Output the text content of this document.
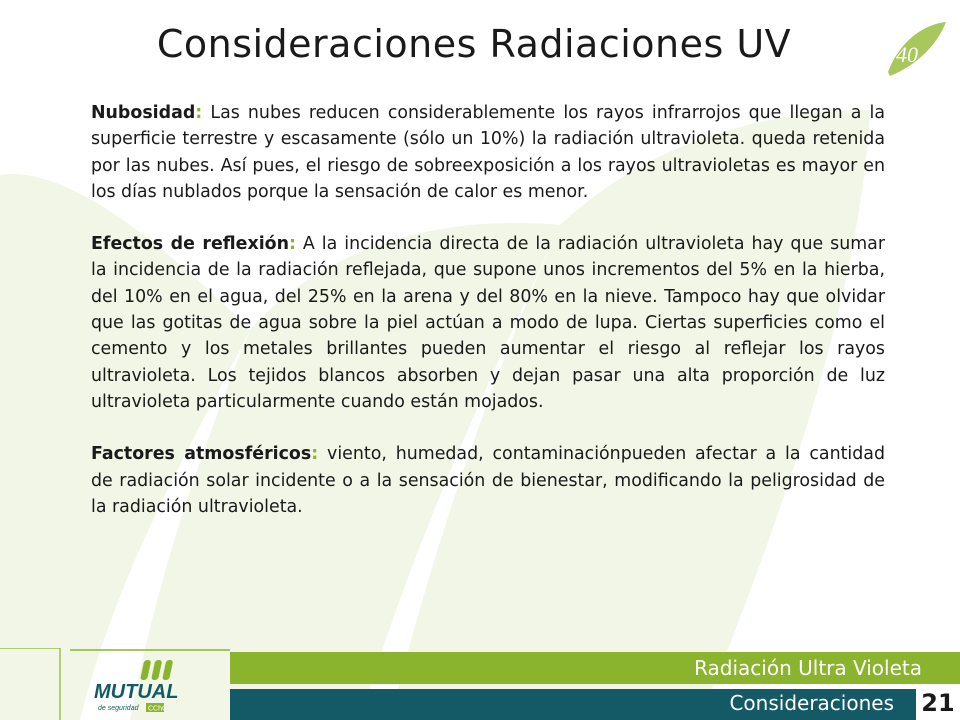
Consideraciones Radiaciones UV	40 AÑOS

Nubosidad: Las nubes reducen considerablemente los rayos infrarrojos que llegan a la superficie terrestre y escasamente (sólo un 10%) la radiación ultravioleta. queda retenida por las nubes. Así pues, el riesgo de sobreexposición a los rayos ultravioletas es mayor en los días nublados porque la sensación de calor es menor.

Efectos de reflexión: A la incidencia directa de la radiación ultravioleta hay que sumar la incidencia de la radiación reflejada, que supone unos incrementos del 5% en la hierba, del 10% en el agua, del 25% en la arena y del 80% en la nieve. Tampoco hay que olvidar que las gotitas de agua sobre la piel actúan a modo de lupa. Ciertas superficies como el cemento y los metales brillantes pueden aumentar el riesgo al reflejar los rayos ultravioleta. Los tejidos blancos absorben y dejan pasar una alta proporción de luz ultravioleta particularmente cuando están mojados.

Factores atmosféricos: viento, humedad, contaminaciónpueden afectar a la cantidad de radiación solar incidente o a la sensación de bienestar, modificando la peligrosidad de la radiación ultravioleta.

MUTUAL
de seguridad CChC
Radiación Ultra Violeta
Consideraciones 21
